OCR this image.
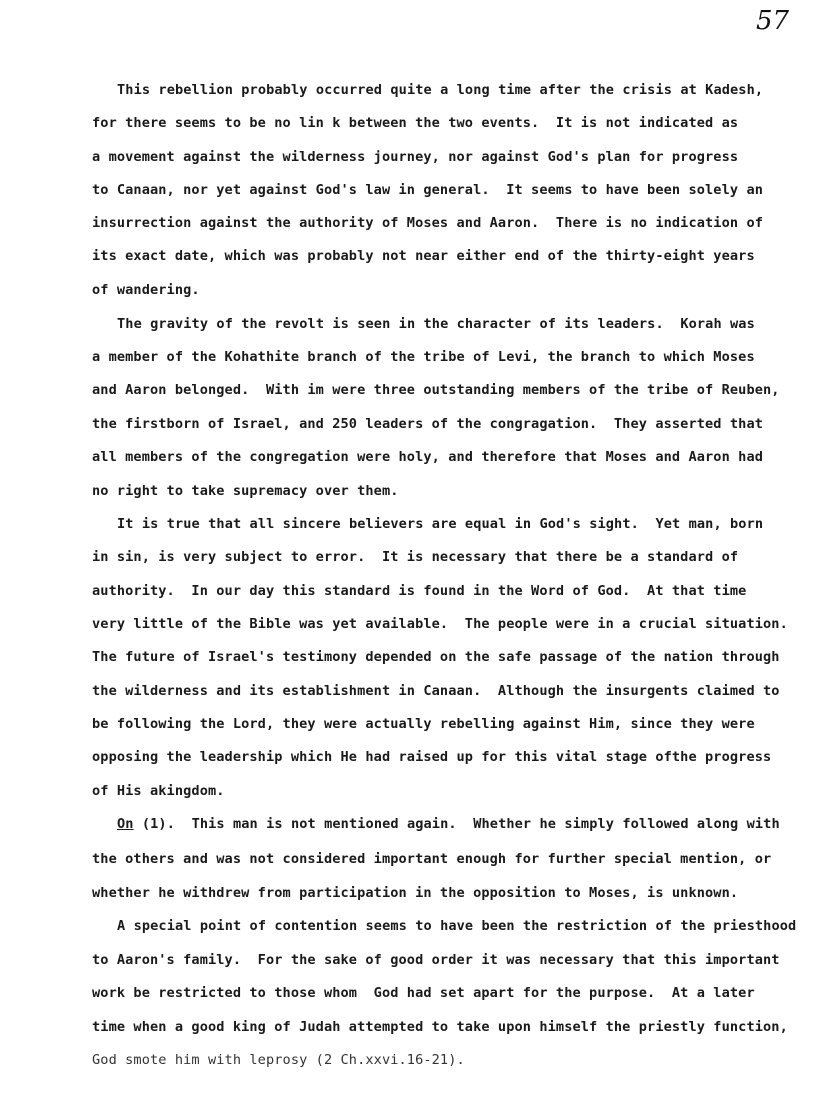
57
This rebellion probably occurred quite a long time after the crisis at Kadesh,
for there seems to be no lin k between the two events.  It is not indicated as
a movement against the wilderness journey, nor against God's plan for progress
to Canaan, nor yet against God's law in general.  It seems to have been solely an
insurrection against the authority of Moses and Aaron.  There is no indication of
its exact date, which was probably not near either end of the thirty-eight years
of wandering.
The gravity of the revolt is seen in the character of its leaders.  Korah was
a member of the Kohathite branch of the tribe of Levi, the branch to which Moses
and Aaron belonged.  With im were three outstanding members of the tribe of Reuben,
the firstborn of Israel, and 250 leaders of the congragation.  They asserted that
all members of the congregation were holy, and therefore that Moses and Aaron had
no right to take supremacy over them.
It is true that all sincere believers are equal in God's sight.  Yet man, born
in sin, is very subject to error.  It is necessary that there be a standard of
authority.  In our day this standard is found in the Word of God.  At that time
very little of the Bible was yet available.  The people were in a crucial situation.
The future of Israel's testimony depended on the safe passage of the nation through
the wilderness and its establishment in Canaan.  Although the insurgents claimed to
be following the Lord, they were actually rebelling against Him, since they were
opposing the leadership which He had raised up for this vital stage ofthe progress
of His akingdom.
On (1).  This man is not mentioned again.  Whether he simply followed along with
the others and was not considered important enough for further special mention, or
whether he withdrew from participation in the opposition to Moses, is unknown.
A special point of contention seems to have been the restriction of the priesthood
to Aaron's family.  For the sake of good order it was necessary that this important
work be restricted to those whom  God had set apart for the purpose.  At a later
time when a good king of Judah attempted to take upon himself the priestly function,
God smote him with leprosy (2 Ch.xxvi.16-21).
